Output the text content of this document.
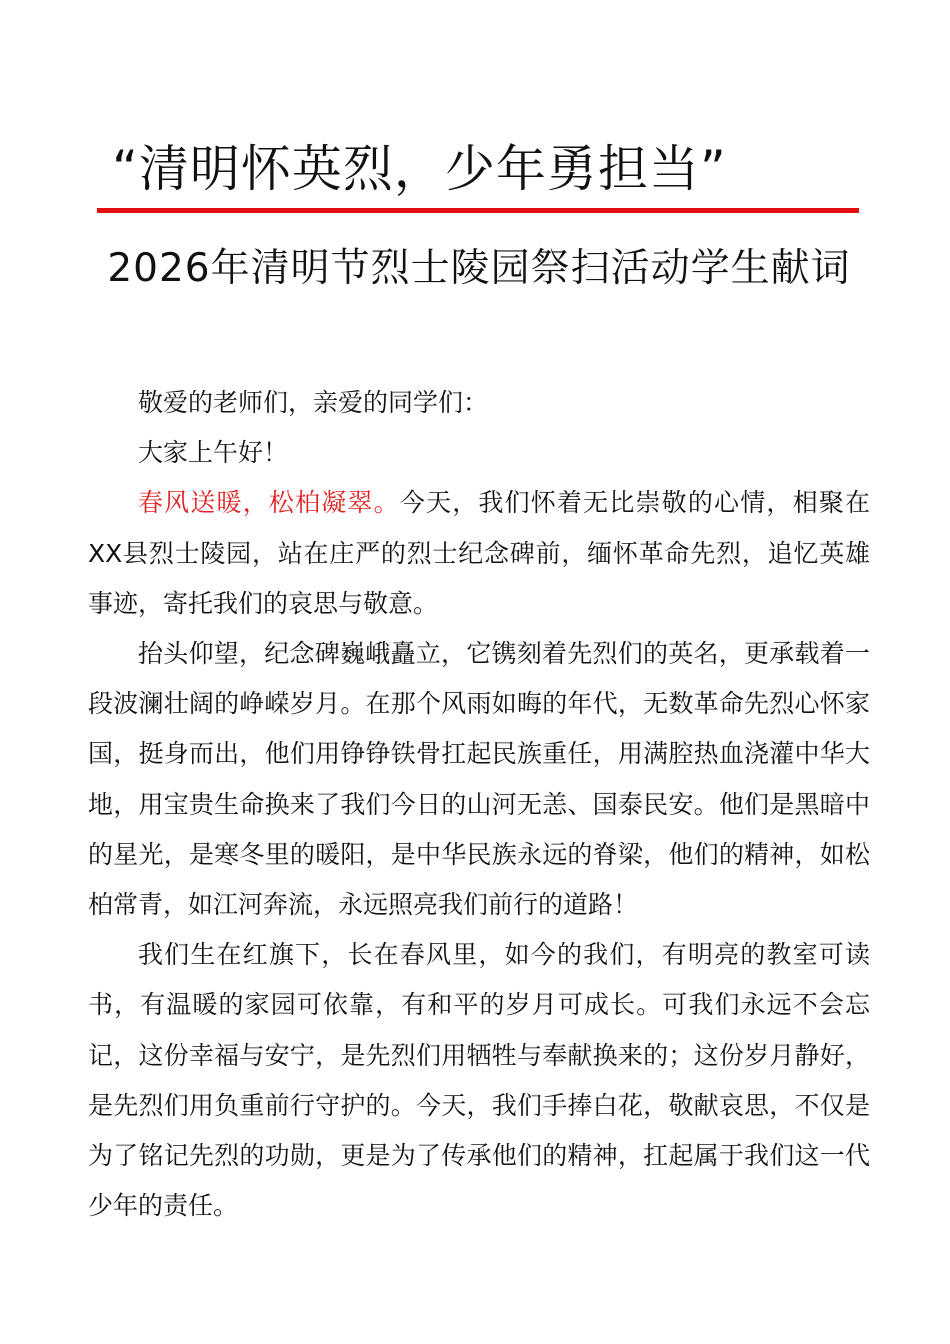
“清明怀英烈，少年勇担当”
2026年清明节烈士陵园祭扫活动学生献词

敬爱的老师们，亲爱的同学们：

大家上午好！

春风送暖，松柏凝翠。今天，我们怀着无比崇敬的心情，相聚在XX县烈士陵园，站在庄严的烈士纪念碑前，缅怀革命先烈，追忆英雄事迹，寄托我们的哀思与敬意。

抬头仰望，纪念碑巍峨矗立，它镌刻着先烈们的英名，更承载着一段波澜壮阔的峥嵘岁月。在那个风雨如晦的年代，无数革命先烈心怀家国，挺身而出，他们用铮铮铁骨扛起民族重任，用满腔热血浇灌中华大地，用宝贵生命换来了我们今日的山河无恙、国泰民安。他们是黑暗中的星光，是寒冬里的暖阳，是中华民族永远的脊梁，他们的精神，如松柏常青，如江河奔流，永远照亮我们前行的道路！

我们生在红旗下，长在春风里，如今的我们，有明亮的教室可读书，有温暖的家园可依靠，有和平的岁月可成长。可我们永远不会忘记，这份幸福与安宁，是先烈们用牺牲与奉献换来的；这份岁月静好，是先烈们用负重前行守护的。今天，我们手捧白花，敬献哀思，不仅是为了铭记先烈的功勋，更是为了传承他们的精神，扛起属于我们这一代少年的责任。
